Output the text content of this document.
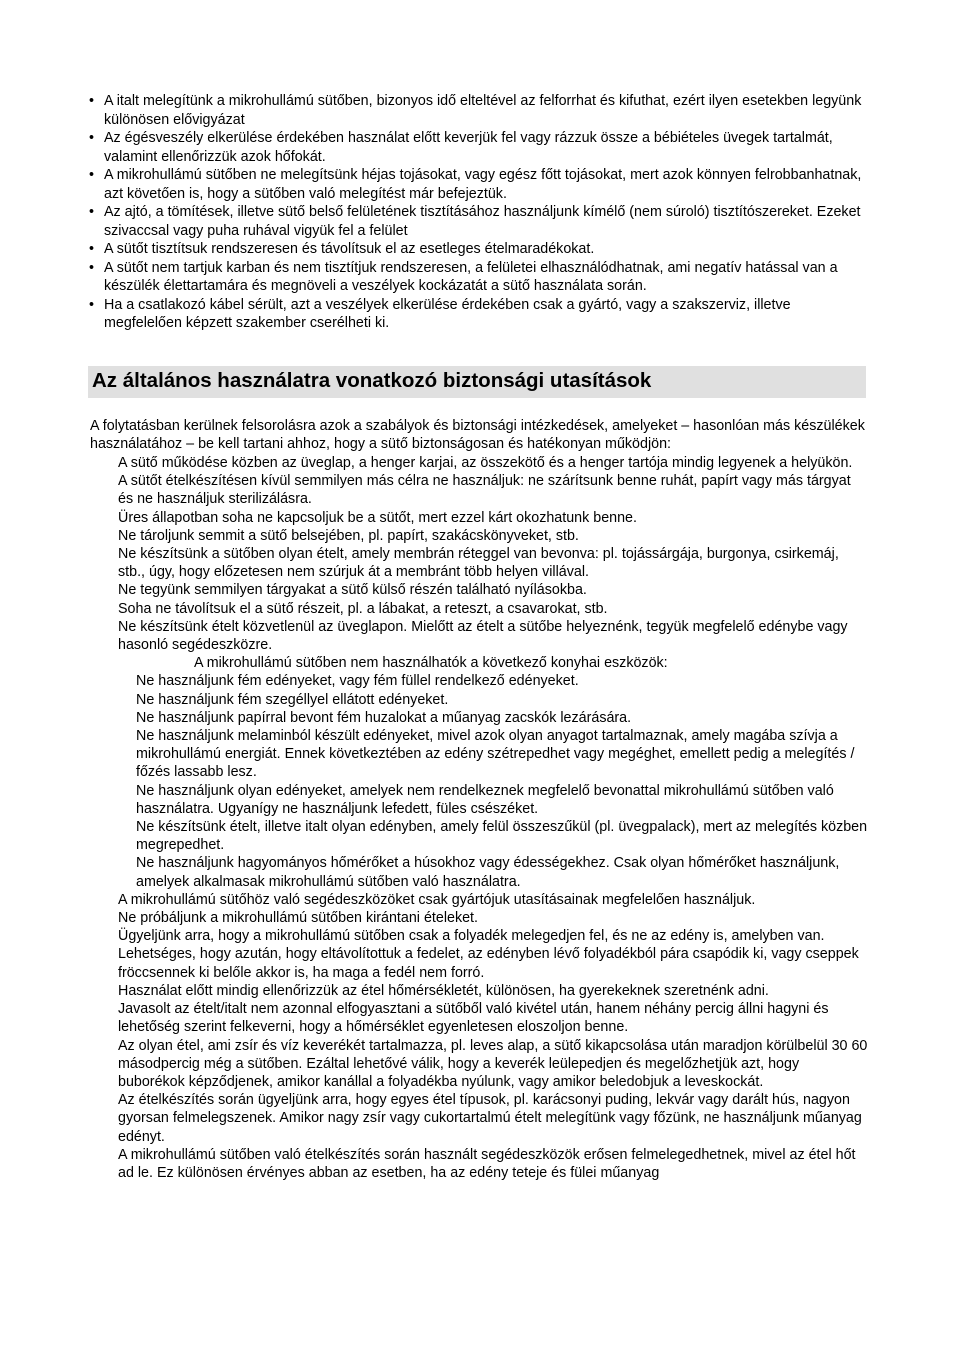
• A italt melegítünk a mikrohullámú sütőben, bizonyos idő elteltével az felforrhat és kifuthat, ezért ilyen esetekben legyünk különösen elővigyázat
• Az égésveszély elkerülése érdekében használat előtt keverjük fel vagy rázzuk össze a bébiételes üvegek tartalmát, valamint ellenőrizzük azok hőfokát.
• A mikrohullámú sütőben ne melegítsünk héjas tojásokat, vagy egész főtt tojásokat, mert azok könnyen felrobbanhatnak, azt követően is, hogy a sütőben való melegítést már befejeztük.
• Az ajtó, a tömítések, illetve sütő belső felületének tisztításához használjunk kímélő (nem súroló) tisztítószereket. Ezeket szivaccsal vagy puha ruhával vigyük fel a felület
• A sütőt tisztítsuk rendszeresen és távolítsuk el az esetleges ételmaradékokat.
• A sütőt nem tartjuk karban és nem tisztítjuk rendszeresen, a felületei elhasználódhatnak, ami negatív hatással van a készülék élettartamára és megnöveli a veszélyek kockázatát a sütő használata során.
• Ha a csatlakozó kábel sérült, azt a veszélyek elkerülése érdekében csak a gyártó, vagy a szakszerviz, illetve megfelelően képzett szakember cserélheti ki.
Az általános használatra vonatkozó biztonsági utasítások

A folytatásban kerülnek felsorolásra azok a szabályok és biztonsági intézkedések, amelyeket – hasonlóan más készülékek használatához – be kell tartani ahhoz, hogy a sütő biztonságosan és hatékonyan működjön:

A sütő működése közben az üveglap, a henger karjai, az összekötő és a henger tartója mindig legyenek a helyükön.

A sütőt ételkészítésen kívül semmilyen más célra ne használjuk: ne szárítsunk benne ruhát, papírt vagy más tárgyat és ne használjuk sterilizálásra.

Üres állapotban soha ne kapcsoljuk be a sütőt, mert ezzel kárt okozhatunk benne.

Ne tároljunk semmit a sütő belsejében, pl. papírt, szakácskönyveket, stb.

Ne készítsünk a sütőben olyan ételt, amely membrán réteggel van bevonva: pl. tojássárgája, burgonya, csirkemáj, stb., úgy, hogy előzetesen nem szúrjuk át a membránt több helyen villával.

Ne tegyünk semmilyen tárgyakat a sütő külső részén található nyílásokba.

Soha ne távolítsuk el a sütő részeit, pl. a lábakat, a reteszt, a csavarokat, stb.

Ne készítsünk ételt közvetlenül az üveglapon. Mielőtt az ételt a sütőbe helyeznénk, tegyük megfelelő edénybe vagy hasonló segédeszközre.

A mikrohullámú sütőben nem használhatók a következő konyhai eszközök:

Ne használjunk fém edényeket, vagy fém füllel rendelkező edényeket.

Ne használjunk fém szegéllyel ellátott edényeket.

Ne használjunk papírral bevont fém huzalokat a műanyag zacskók lezárására.

Ne használjunk melaminból készült edényeket, mivel azok olyan anyagot tartalmaznak, amely magába szívja a mikrohullámú energiát. Ennek következtében az edény szétrepedhet vagy megéghet, emellett pedig a melegítés / főzés lassabb lesz.

Ne használjunk olyan edényeket, amelyek nem rendelkeznek megfelelő bevonattal mikrohullámú sütőben való használatra. Ugyanígy ne használjunk lefedett, füles csészéket.

Ne készítsünk ételt, illetve italt olyan edényben, amely felül összeszűkül (pl. üvegpalack), mert az melegítés közben megrepedhet.

Ne használjunk hagyományos hőmérőket a húsokhoz vagy édességekhez. Csak olyan hőmérőket használjunk, amelyek alkalmasak mikrohullámú sütőben való használatra.

A mikrohullámú sütőhöz való segédeszközöket csak gyártójuk utasításainak megfelelően használjuk.

Ne próbáljunk a mikrohullámú sütőben kirántani ételeket.

Ügyeljünk arra, hogy a mikrohullámú sütőben csak a folyadék melegedjen fel, és ne az edény is, amelyben van. Lehetséges, hogy azután, hogy eltávolítottuk a fedelet, az edényben lévő folyadékból pára csapódik ki, vagy cseppek fröccsennek ki belőle akkor is, ha maga a fedél nem forró.

Használat előtt mindig ellenőrizzük az étel hőmérsékletét, különösen, ha gyerekeknek szeretnénk adni.

Javasolt az ételt/italt nem azonnal elfogyasztani a sütőből való kivétel után, hanem néhány percig állni hagyni és lehetőség szerint felkeverni, hogy a hőmérséklet egyenletesen eloszoljon benne.

Az olyan étel, ami zsír és víz keverékét tartalmazza, pl. leves alap, a sütő kikapcsolása után maradjon körülbelül 30 60 másodpercig még a sütőben. Ezáltal lehetővé válik, hogy a keverék leülepedjen és megelőzhetjük azt, hogy buborékok képződjenek, amikor kanállal a folyadékba nyúlunk, vagy amikor beledobjuk a leveskockát.

Az ételkészítés során ügyeljünk arra, hogy egyes étel típusok, pl. karácsonyi puding, lekvár vagy darált hús, nagyon gyorsan felmelegszenek. Amikor nagy zsír vagy cukortartalmú ételt melegítünk vagy főzünk, ne használjunk műanyag edényt.

A mikrohullámú sütőben való ételkészítés során használt segédeszközök erősen felmelegedhetnek, mivel az étel hőt ad le. Ez különösen érvényes abban az esetben, ha az edény teteje és fülei műanyag
